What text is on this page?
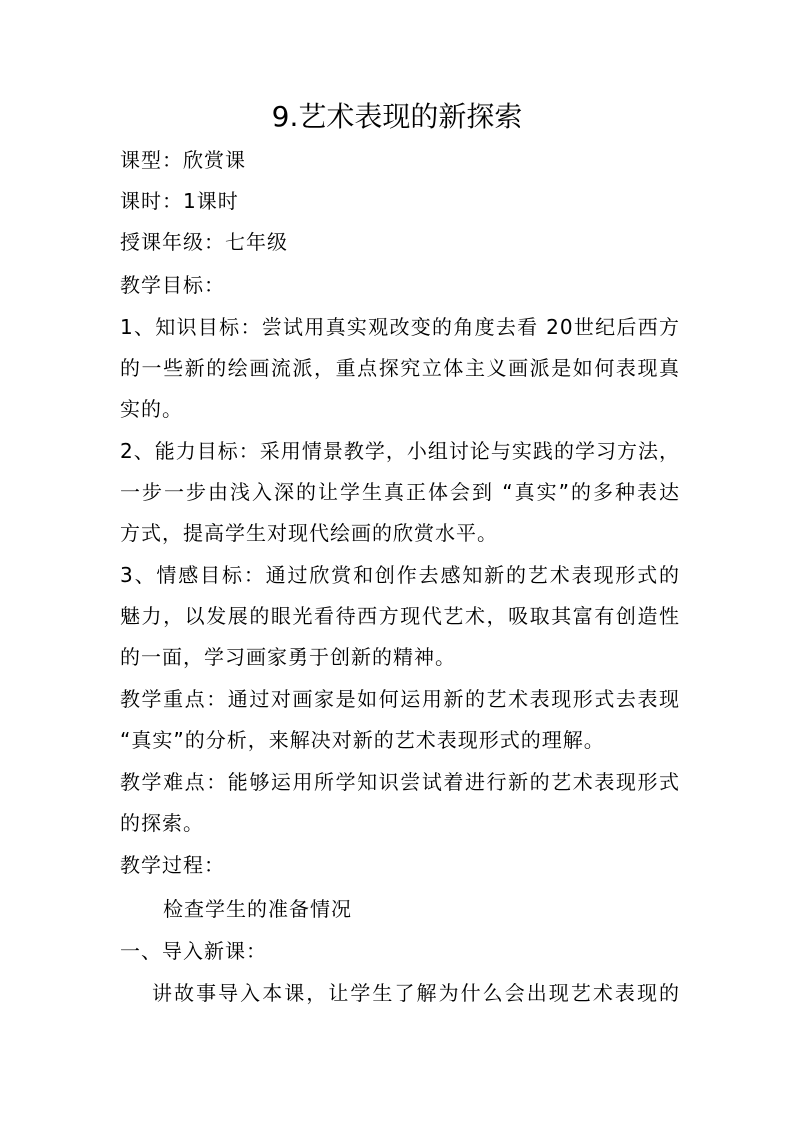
9.艺术表现的新探索
课型：欣赏课
课时：1课时
授课年级：七年级
教学目标：
1、知识目标：尝试用真实观改变的角度去看 20世纪后西方
的一些新的绘画流派，重点探究立体主义画派是如何表现真
实的。
2、能力目标：采用情景教学，小组讨论与实践的学习方法，
一步一步由浅入深的让学生真正体会到 “真实”的多种表达
方式，提高学生对现代绘画的欣赏水平。
3、情感目标：通过欣赏和创作去感知新的艺术表现形式的
魅力，以发展的眼光看待西方现代艺术，吸取其富有创造性
的一面，学习画家勇于创新的精神。
教学重点：通过对画家是如何运用新的艺术表现形式去表现
“真实”的分析，来解决对新的艺术表现形式的理解。
教学难点：能够运用所学知识尝试着进行新的艺术表现形式
的探索。
教学过程：
检查学生的准备情况
一、导入新课：
讲故事导入本课，让学生了解为什么会出现艺术表现的
